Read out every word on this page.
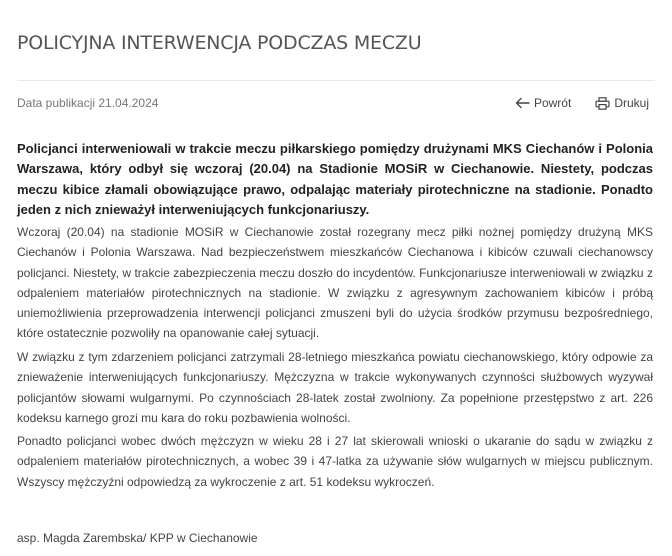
POLICYJNA INTERWENCJA PODCZAS MECZU
Data publikacji 21.04.2024	Powrót	Drukuj

Policjanci interweniowali w trakcie meczu piłkarskiego pomiędzy drużynami MKS Ciechanów i Polonia Warszawa, który odbył się wczoraj (20.04) na Stadionie MOSiR w Ciechanowie. Niestety, podczas meczu kibice złamali obowiązujące prawo, odpalając materiały pirotechniczne na stadionie. Ponadto jeden z nich znieważył interweniujących funkcjonariuszy.

Wczoraj (20.04) na stadionie MOSiR w Ciechanowie został rozegrany mecz piłki nożnej pomiędzy drużyną MKS Ciechanów i Polonia Warszawa. Nad bezpieczeństwem mieszkańców Ciechanowa i kibiców czuwali ciechanowscy policjanci. Niestety, w trakcie zabezpieczenia meczu doszło do incydentów. Funkcjonariusze interweniowali w związku z odpaleniem materiałów pirotechnicznych na stadionie. W związku z agresywnym zachowaniem kibiców i próbą uniemożliwienia przeprowadzenia interwencji policjanci zmuszeni byli do użycia środków przymusu bezpośredniego, które ostatecznie pozwoliły na opanowanie całej sytuacji.

W związku z tym zdarzeniem policjanci zatrzymali 28-letniego mieszkańca powiatu ciechanowskiego, który odpowie za znieważenie interweniujących funkcjonariuszy. Mężczyzna w trakcie wykonywanych czynności służbowych wyzywał policjantów słowami wulgarnymi. Po czynnościach 28-latek został zwolniony. Za popełnione przestępstwo z art. 226 kodeksu karnego grozi mu kara do roku pozbawienia wolności.

Ponadto policjanci wobec dwóch mężczyzn w wieku 28 i 27 lat skierowali wnioski o ukaranie do sądu w związku z odpaleniem materiałów pirotechnicznych, a wobec 39 i 47-latka za używanie słów wulgarnych w miejscu publicznym. Wszyscy mężczyźni odpowiedzą za wykroczenie z art. 51 kodeksu wykroczeń.

asp. Magda Zarembska/ KPP w Ciechanowie
